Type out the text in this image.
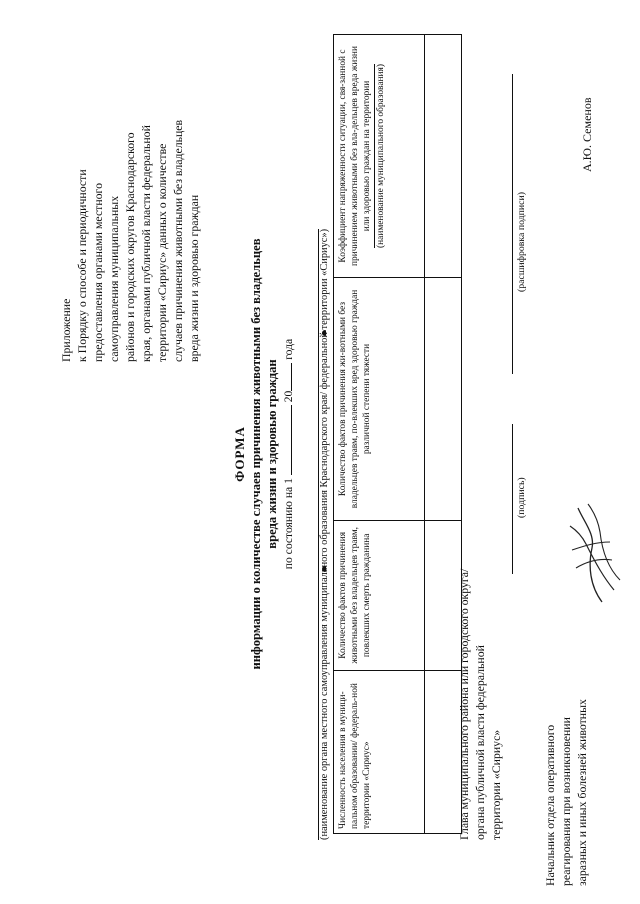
Приложение к Порядку о способе и периодичности предоставления органами местного самоуправления муниципальных районов и городских округов Краснодарского края, органами публичной власти федеральной территории «Сириус» данных о количестве случаев причинения животными без владельцев вреда жизни и здоровью граждан
ФОРМА информации о количестве случаев причинения животными без владельцев вреда жизни и здоровью граждан по состоянию на 1  20 года (наименование органа местного самоуправления муниципального образования Краснодарского края/ федеральной территории «Сириус») Численность населения в муници-пальном образовании/ федераль-ной территории «Сириус»	Количество фактов причинения животными без владельцев травм, повлекших смерть гражданина	Количество фактов причинения жи-вотными без владельцев травм, по-влекших вред здоровью граждан различной степени тяжести	Коэффициент напряженности ситуации, свя-занной с причинением животными без вла-дельцев вреда жизни или здоровью граждан на территории (наименование муниципального образования)

Глава муниципального района или городского округа/ органа публичной власти федеральной территории «Сириус»
(подпись)
(расшифровка подписи)
Начальник отдела оперативного реагирования при возникновении заразных и иных болезней животных
А.Ю. Семенов
